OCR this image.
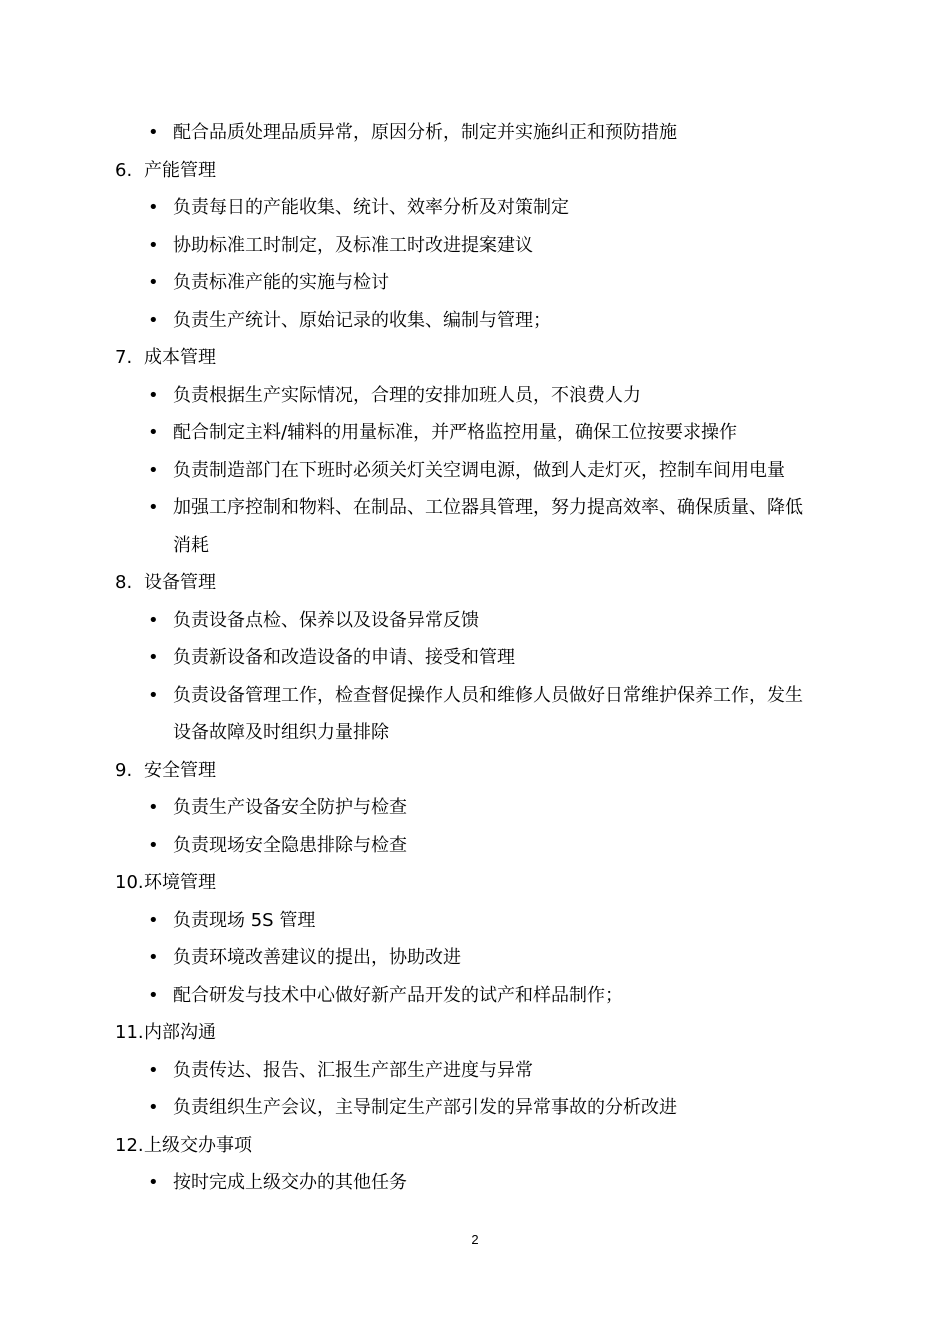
• 配合品质处理品质异常，原因分析，制定并实施纠正和预防措施
6. 产能管理
• 负责每日的产能收集、统计、效率分析及对策制定
• 协助标准工时制定，及标准工时改进提案建议
• 负责标准产能的实施与检讨
• 负责生产统计、原始记录的收集、编制与管理；
7. 成本管理
• 负责根据生产实际情况，合理的安排加班人员，不浪费人力
• 配合制定主料/辅料的用量标准，并严格监控用量，确保工位按要求操作
• 负责制造部门在下班时必须关灯关空调电源，做到人走灯灭，控制车间用电量
• 加强工序控制和物料、在制品、工位器具管理，努力提高效率、确保质量、降低
消耗
8. 设备管理
• 负责设备点检、保养以及设备异常反馈
• 负责新设备和改造设备的申请、接受和管理
• 负责设备管理工作，检查督促操作人员和维修人员做好日常维护保养工作，发生
设备故障及时组织力量排除
9. 安全管理
• 负责生产设备安全防护与检查
• 负责现场安全隐患排除与检查
10. 环境管理
• 负责现场 5S 管理
• 负责环境改善建议的提出，协助改进
• 配合研发与技术中心做好新产品开发的试产和样品制作；
11. 内部沟通
• 负责传达、报告、汇报生产部生产进度与异常
• 负责组织生产会议，主导制定生产部引发的异常事故的分析改进
12. 上级交办事项
• 按时完成上级交办的其他任务
2
